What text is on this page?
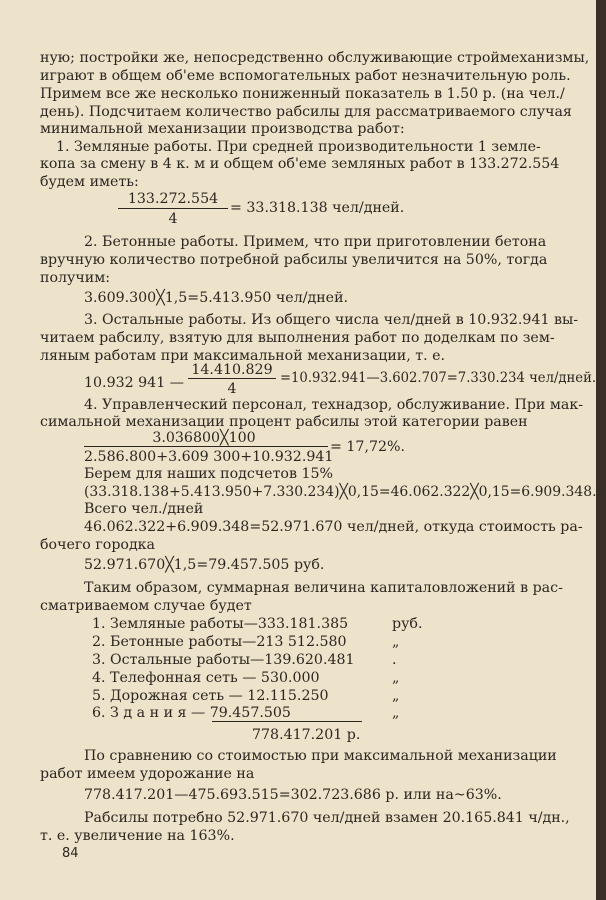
ную; постройки же, непосредственно обслуживающие строймеханизмы,
играют в общем об'еме вспомогательных работ незначительную роль.
Примем все же несколько пониженный показатель в 1.50 р. (на чел./
день). Подсчитаем количество рабсилы для рассматриваемого случая
минимальной механизации производства работ:
1. Земляные работы. При средней производительности 1 земле-
копа за смену в 4 к. м и общем об'еме земляных работ в 133.272.554
будем иметь:
133.272.554
4
= 33.318.138 чел/дней.
2. Бетонные работы. Примем, что при приготовлении бетона
вручную количество потребной рабсилы увеличится на 50%, тогда
получим:
3.609.300╳1,5=5.413.950 чел/дней.
3. Остальные работы. Из общего числа чел/дней в 10.932.941 вы-
читаем рабсилу, взятую для выполнения работ по доделкам по зем-
ляным работам при максимальной механизации, т. е.
10.932 941 —
14.410.829
4
=10.932.941—3.602.707=7.330.234 чел/дней.
4. Управленческий персонал, технадзор, обслуживание. При мак-
симальной механизации процент рабсилы этой категории равен
3.036800╳100
2.586.800+3.609 300+10.932.941
= 17,72%.
Берем для наших подсчетов 15%
(33.318.138+5.413.950+7.330.234)╳0,15=46.062.322╳0,15=6.909.348.
Всего чел./дней
46.062.322+6.909.348=52.971.670 чел/дней, откуда стоимость ра-
бочего городка
52.971.670╳1,5=79.457.505 руб.
Таким образом, суммарная величина капиталовложений в рас-
сматриваемом случае будет
1. Земляные работы—333.181.385	руб.
2. Бетонные работы—213 512.580	„
3. Остальные работы—139.620.481	.
4. Телефонная сеть — 530.000	„
5. Дорожная сеть — 12.115.250	„
6. З д а н и я — 79.457.505	„
778.417.201 р.
По сравнению со стоимостью при максимальной механизации
работ имеем удорожание на
778.417.201—475.693.515=302.723.686 р. или на~63%.
Рабсилы потребно 52.971.670 чел/дней взамен 20.165.841 ч/дн.,
т. е. увеличение на 163%.
84
